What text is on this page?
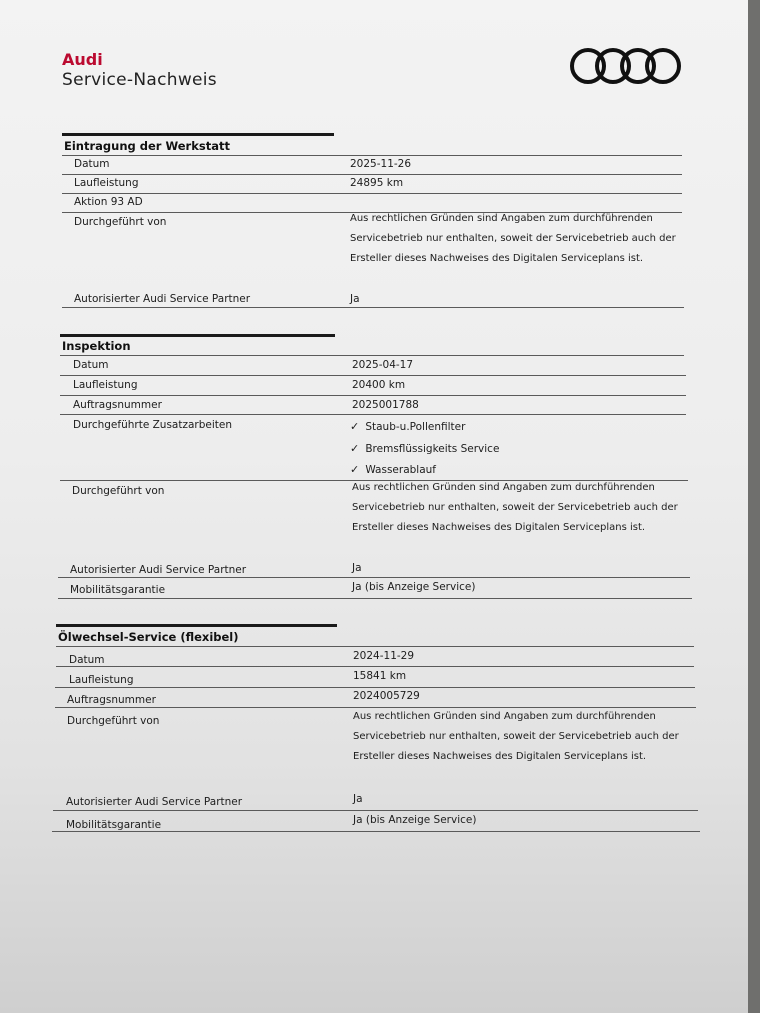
Audi
Service-Nachweis
Eintragung der Werkstatt
Datum	2025-11-26
Laufleistung	24895 km
Aktion 93 AD
Durchgeführt von	Aus rechtlichen Gründen sind Angaben zum durchführenden
Servicebetrieb nur enthalten, soweit der Servicebetrieb auch der
Ersteller dieses Nachweises des Digitalen Serviceplans ist.
Autorisierter Audi Service Partner	Ja
Inspektion
Datum	2025-04-17
Laufleistung	20400 km
Auftragsnummer	2025001788
Durchgeführte Zusatzarbeiten	✓ Staub-u.Pollenfilter
✓ Bremsflüssigkeits Service
✓ Wasserablauf
Durchgeführt von	Aus rechtlichen Gründen sind Angaben zum durchführenden
Servicebetrieb nur enthalten, soweit der Servicebetrieb auch der
Ersteller dieses Nachweises des Digitalen Serviceplans ist.
Autorisierter Audi Service Partner	Ja
Mobilitätsgarantie	Ja (bis Anzeige Service)
Ölwechsel-Service (flexibel)
Datum	2024-11-29
Laufleistung	15841 km
Auftragsnummer	2024005729
Durchgeführt von	Aus rechtlichen Gründen sind Angaben zum durchführenden
Servicebetrieb nur enthalten, soweit der Servicebetrieb auch der
Ersteller dieses Nachweises des Digitalen Serviceplans ist.
Autorisierter Audi Service Partner	Ja
Mobilitätsgarantie	Ja (bis Anzeige Service)
